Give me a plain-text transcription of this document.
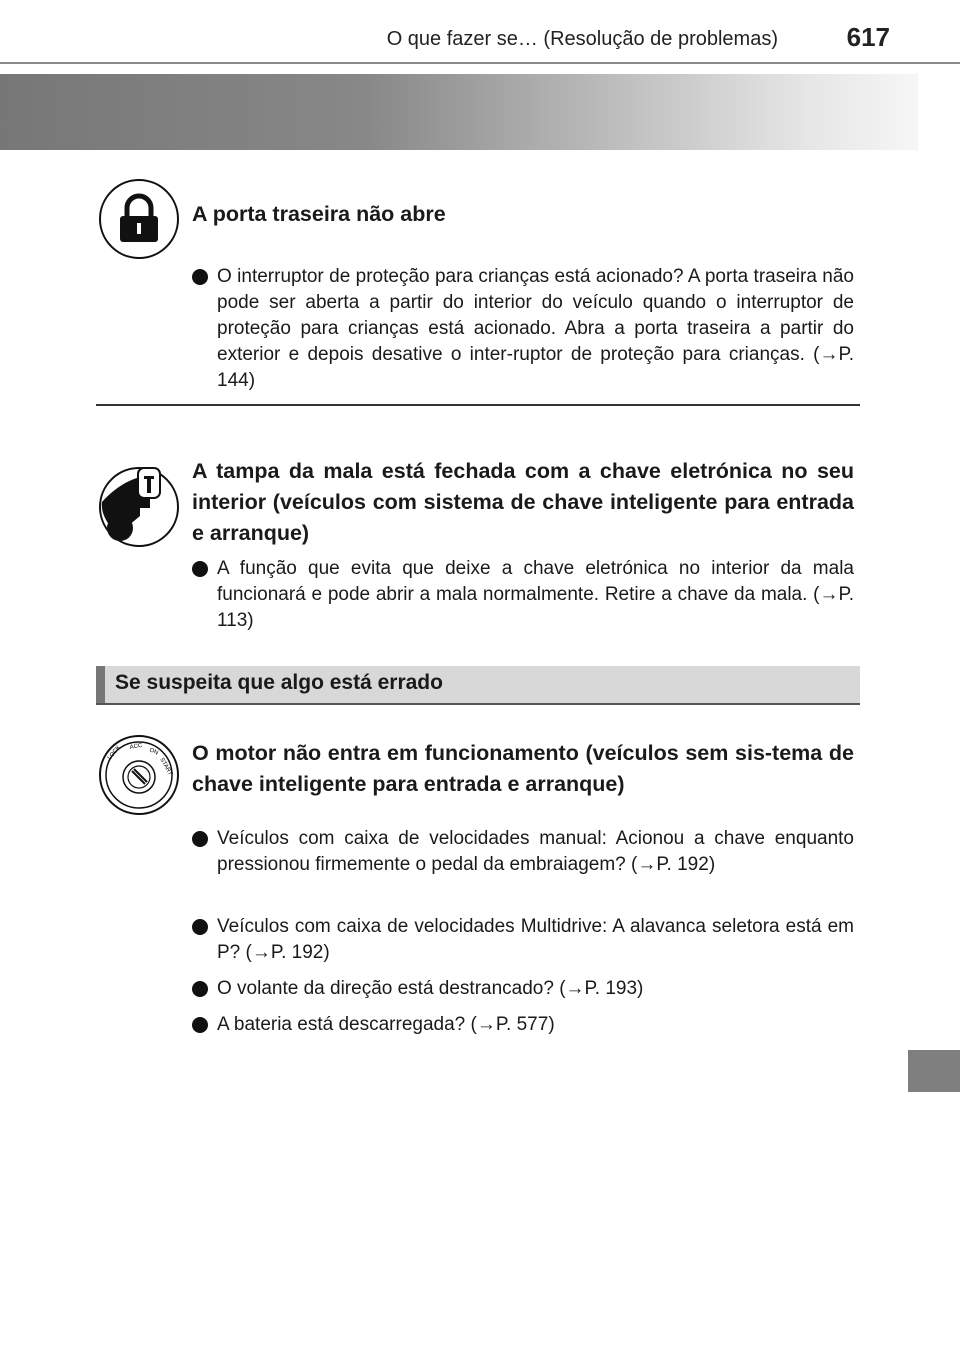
O que fazer se… (Resolução de problemas)	617
A porta traseira não abre
O interruptor de proteção para crianças está acionado? A porta traseira não pode ser aberta a partir do interior do veículo quando o interruptor de proteção para crianças está acionado. Abra a porta traseira a partir do exterior e depois desative o inter-ruptor de proteção para crianças. (→P. 144)
A tampa da mala está fechada com a chave eletrónica no seu interior (veículos com sistema de chave inteligente para entrada e arranque)
A função que evita que deixe a chave eletrónica no interior da mala funcionará e pode abrir a mala normalmente. Retire a chave da mala. (→P. 113)
Se suspeita que algo está errado
LOCK ACC
ON
START
O motor não entra em funcionamento (veículos sem sis-tema de chave inteligente para entrada e arranque)
Veículos com caixa de velocidades manual: Acionou a chave enquanto pressionou firmemente o pedal da embraiagem? (→P. 192)
Veículos com caixa de velocidades Multidrive: A alavanca seletora está em P? (→P. 192)
O volante da direção está destrancado? (→P. 193)
A bateria está descarregada? (→P. 577)
